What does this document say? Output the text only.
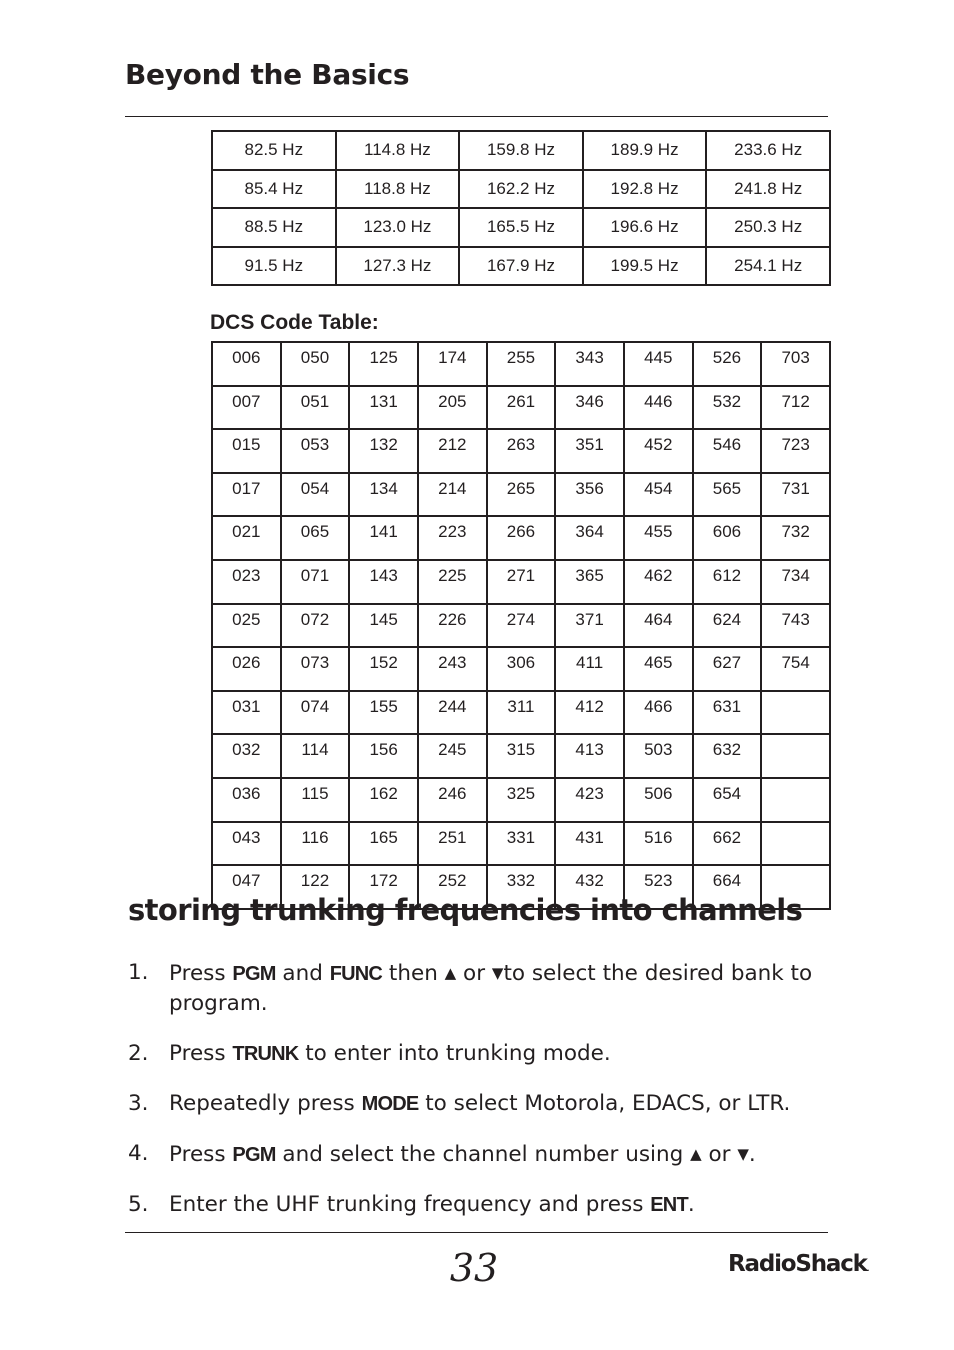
Beyond the Basics
82.5 Hz	114.8 Hz	159.8 Hz	189.9 Hz	233.6 Hz
85.4 Hz	118.8 Hz	162.2 Hz	192.8 Hz	241.8 Hz
88.5 Hz	123.0 Hz	165.5 Hz	196.6 Hz	250.3 Hz
91.5 Hz	127.3 Hz	167.9 Hz	199.5 Hz	254.1 Hz
DCS Code Table:
006	050	125	174	255	343	445	526	703
007	051	131	205	261	346	446	532	712
015	053	132	212	263	351	452	546	723
017	054	134	214	265	356	454	565	731
021	065	141	223	266	364	455	606	732
023	071	143	225	271	365	462	612	734
025	072	145	226	274	371	464	624	743
026	073	152	243	306	411	465	627	754
031	074	155	244	311	412	466	631	
032	114	156	245	315	413	503	632	
036	115	162	246	325	423	506	654	
043	116	165	251	331	431	516	662	
047	122	172	252	332	432	523	664	
storing trunking frequencies into channels
1. Press PGM and FUNC then ▲ or ▼to select the desired bank to program.
2. Press TRUNK to enter into trunking mode.
3. Repeatedly press MODE to select Motorola, EDACS, or LTR.
4. Press PGM and select the channel number using ▲ or ▼.
5. Enter the UHF trunking frequency and press ENT.
33	RadioShack.
